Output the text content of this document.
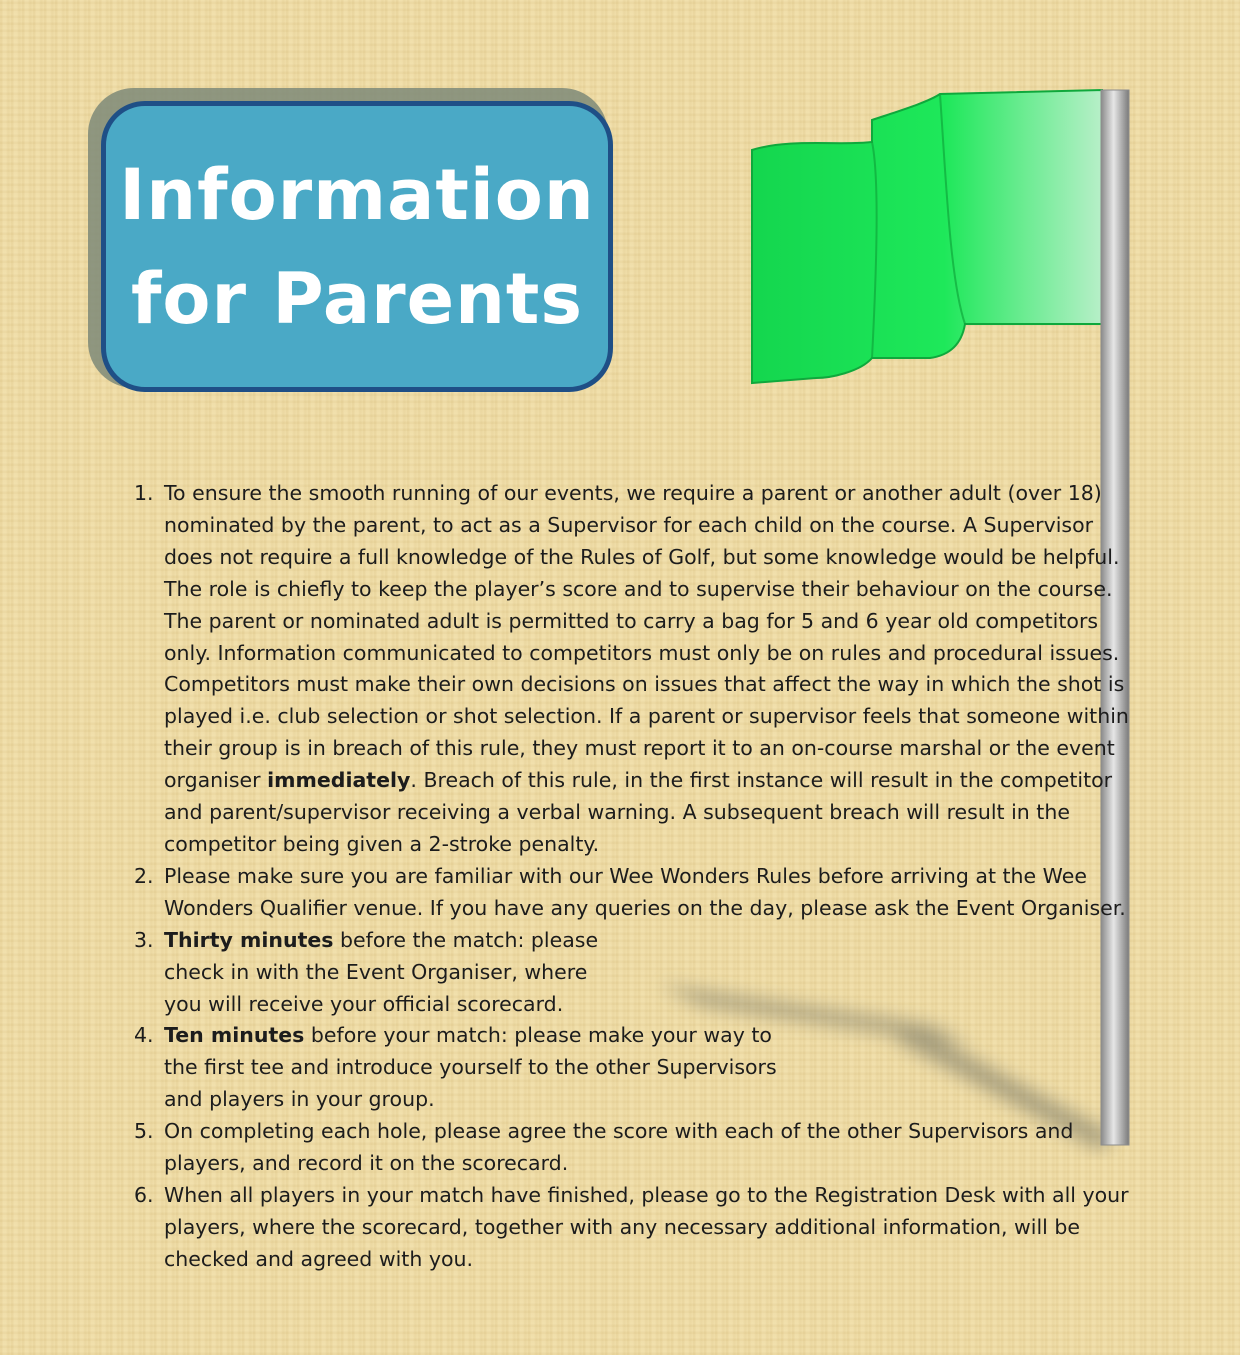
Information
for Parents
1. To ensure the smooth running of our events, we require a parent or another adult (over 18) nominated by the parent, to act as a Supervisor for each child on the course. A Supervisor does not require a full knowledge of the Rules of Golf, but some knowledge would be helpful. The role is chiefly to keep the player’s score and to supervise their behaviour on the course. The parent or nominated adult is permitted to carry a bag for 5 and 6 year old competitors only. Information communicated to competitors must only be on rules and procedural issues. Competitors must make their own decisions on issues that affect the way in which the shot is played i.e. club selection or shot selection. If a parent or supervisor feels that someone within their group is in breach of this rule, they must report it to an on-course marshal or the event organiser immediately. Breach of this rule, in the first instance will result in the competitor and parent/supervisor receiving a verbal warning. A subsequent breach will result in the competitor being given a 2-stroke penalty.
2. Please make sure you are familiar with our Wee Wonders Rules before arriving at the Wee Wonders Qualifier venue. If you have any queries on the day, please ask the Event Organiser.
3. Thirty minutes before the match: please check in with the Event Organiser, where you will receive your official scorecard.
4. Ten minutes before your match: please make your way to the first tee and introduce yourself to the other Supervisors and players in your group.
5. On completing each hole, please agree the score with each of the other Supervisors and players, and record it on the scorecard.
6. When all players in your match have finished, please go to the Registration Desk with all your players, where the scorecard, together with any necessary additional information, will be checked and agreed with you.
